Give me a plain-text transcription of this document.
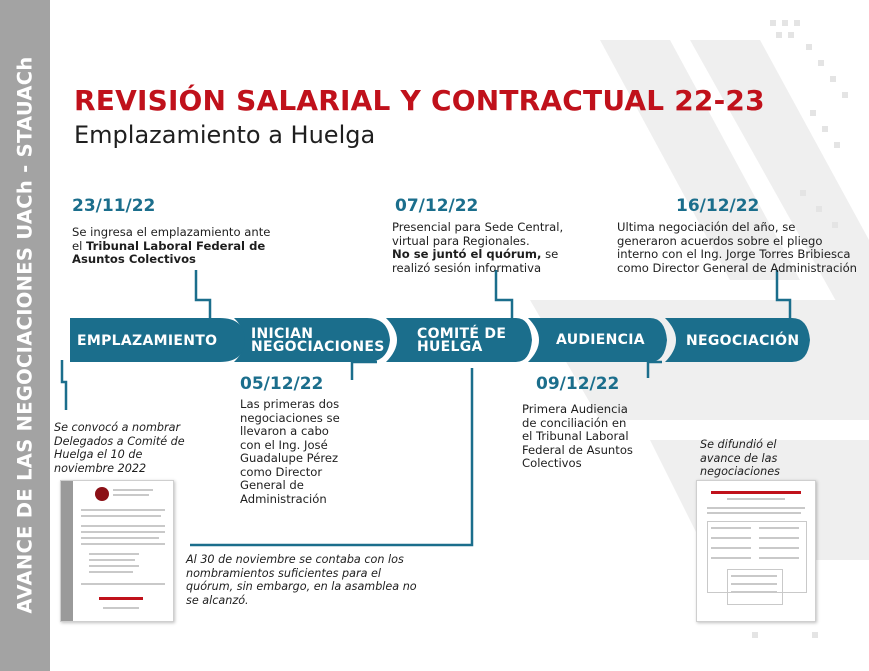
AVANCE DE LAS NEGOCIACIONES UACh - STAUACh REVISIÓN SALARIAL Y CONTRACTUAL 22-23
Emplazamiento a Huelga
EMPLAZAMIENTO INICIAN
NEGOCIACIONES
COMITÉ DE
HUELGA	AUDIENCIA	NEGOCIACIÓN
23/11/22
Se ingresa el emplazamiento ante el Tribunal Laboral Federal de Asuntos Colectivos
07/12/22
Presencial para Sede Central, virtual para Regionales.
No se juntó el quórum, se realizó sesión informativa
16/12/22
Ultima negociación del año, se generaron acuerdos sobre el pliego interno con el Ing. Jorge Torres Bribiesca como Director General de Administración
05/12/22
Las primeras dos negociaciones se llevaron a cabo con el Ing. José Guadalupe Pérez como Director General de Administración
09/12/22
Primera Audiencia de conciliación en el Tribunal Laboral Federal de Asuntos Colectivos
Se convocó a nombrar Delegados a Comité de Huelga el 10 de noviembre 2022
Al 30 de noviembre se contaba con los nombramientos suficientes para el quórum, sin embargo, en la asamblea no se alcanzó.
Se difundió el avance de las negociaciones
